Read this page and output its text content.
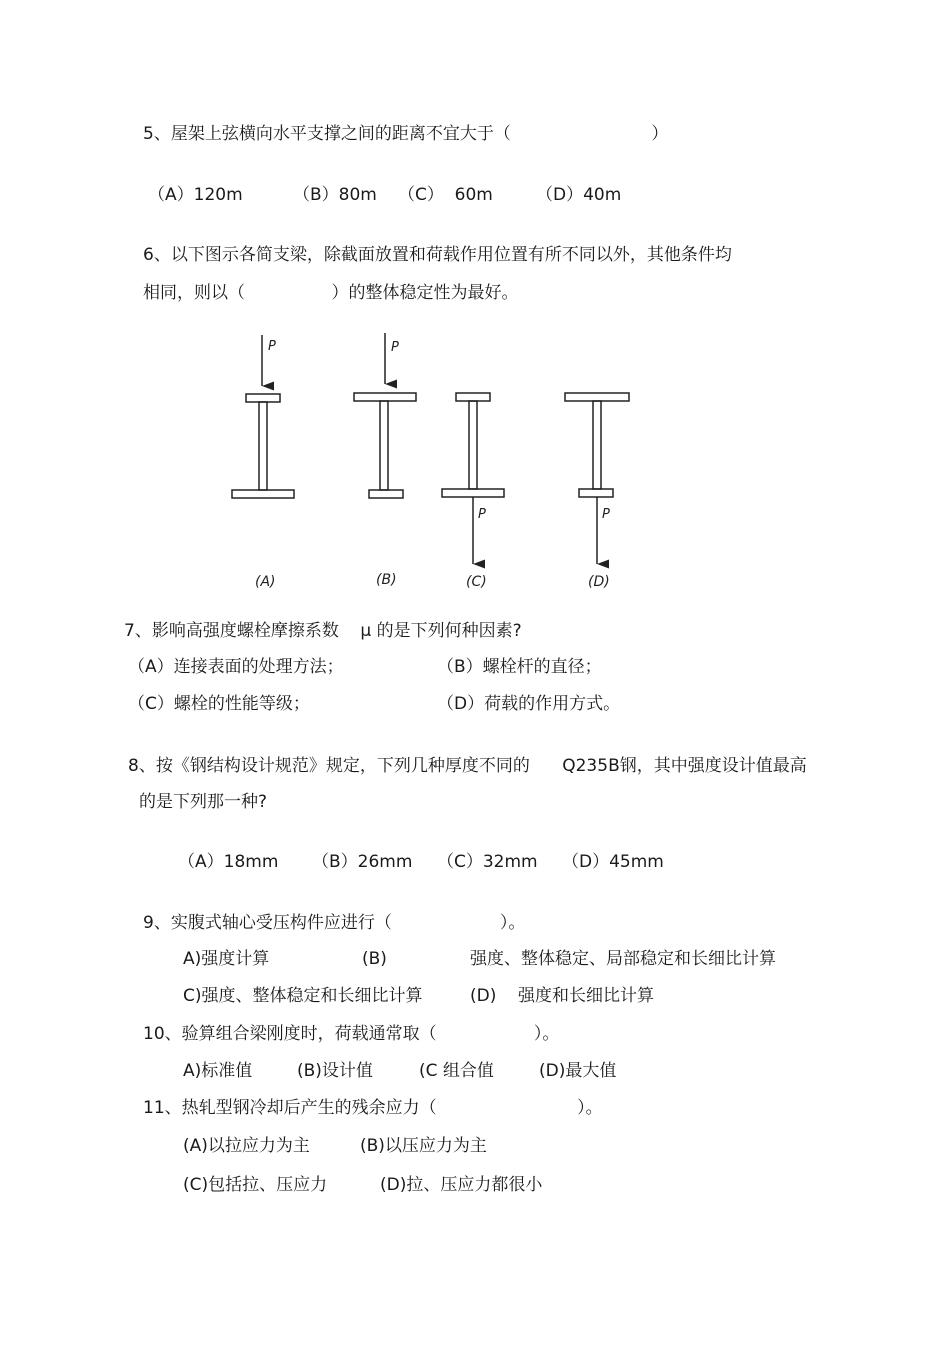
5、屋架上弦横向水平支撑之间的距离不宜大于（                          ）
（A）120m	（B）80m （C）  60m	（D）40m
6、以下图示各简支梁，除截面放置和荷载作用位置有所不同以外，其他条件均
相同，则以（                ）的整体稳定性为最好。
P	P
P	P
(A)	(B)	(C)	(D)
7、影响高强度螺栓摩擦系数    μ 的是下列何种因素?
（A）连接表面的处理方法；	（B）螺栓杆的直径；
（C）螺栓的性能等级；	（D）荷载的作用方式。
8、按《钢结构设计规范》规定，下列几种厚度不同的      Q235B钢，其中强度设计值最高
的是下列那一种?
（A）18mm （B）26mm （C）32mm （D）45mm
9、实腹式轴心受压构件应进行（                    ）。
A)强度计算	(B)	强度、整体稳定、局部稳定和长细比计算
C)强度、整体稳定和长细比计算	(D) 强度和长细比计算
10、验算组合梁刚度时，荷载通常取（                  ）。
A)标准值	(B)设计值	(C 组合值	(D)最大值
11、热轧型钢冷却后产生的残余应力（                          ）。
(A)以拉应力为主	(B)以压应力为主
(C)包括拉、压应力	(D)拉、压应力都很小
